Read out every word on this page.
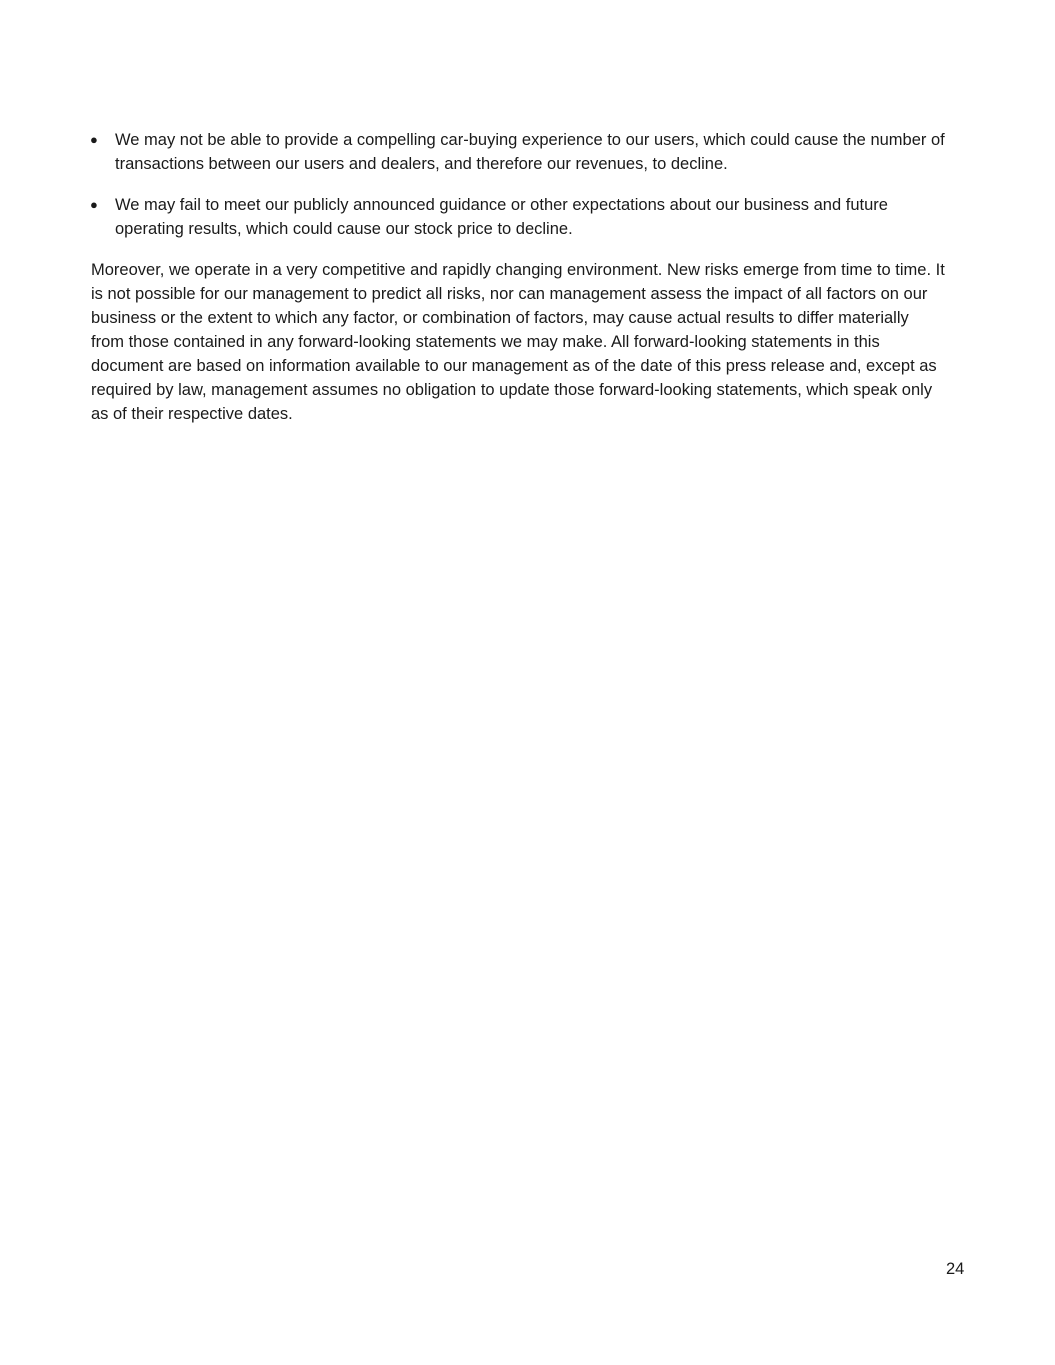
● We may not be able to provide a compelling car-buying experience to our users, which could cause the number of transactions between our users and dealers, and therefore our revenues, to decline.
● We may fail to meet our publicly announced guidance or other expectations about our business and future operating results, which could cause our stock price to decline.

Moreover, we operate in a very competitive and rapidly changing environment. New risks emerge from time to time. It is not possible for our management to predict all risks, nor can management assess the impact of all factors on our business or the extent to which any factor, or combination of factors, may cause actual results to differ materially from those contained in any forward-looking statements we may make. All forward-looking statements in this document are based on information available to our management as of the date of this press release and, except as required by law, management assumes no obligation to update those forward-looking statements, which speak only as of their respective dates.

24
